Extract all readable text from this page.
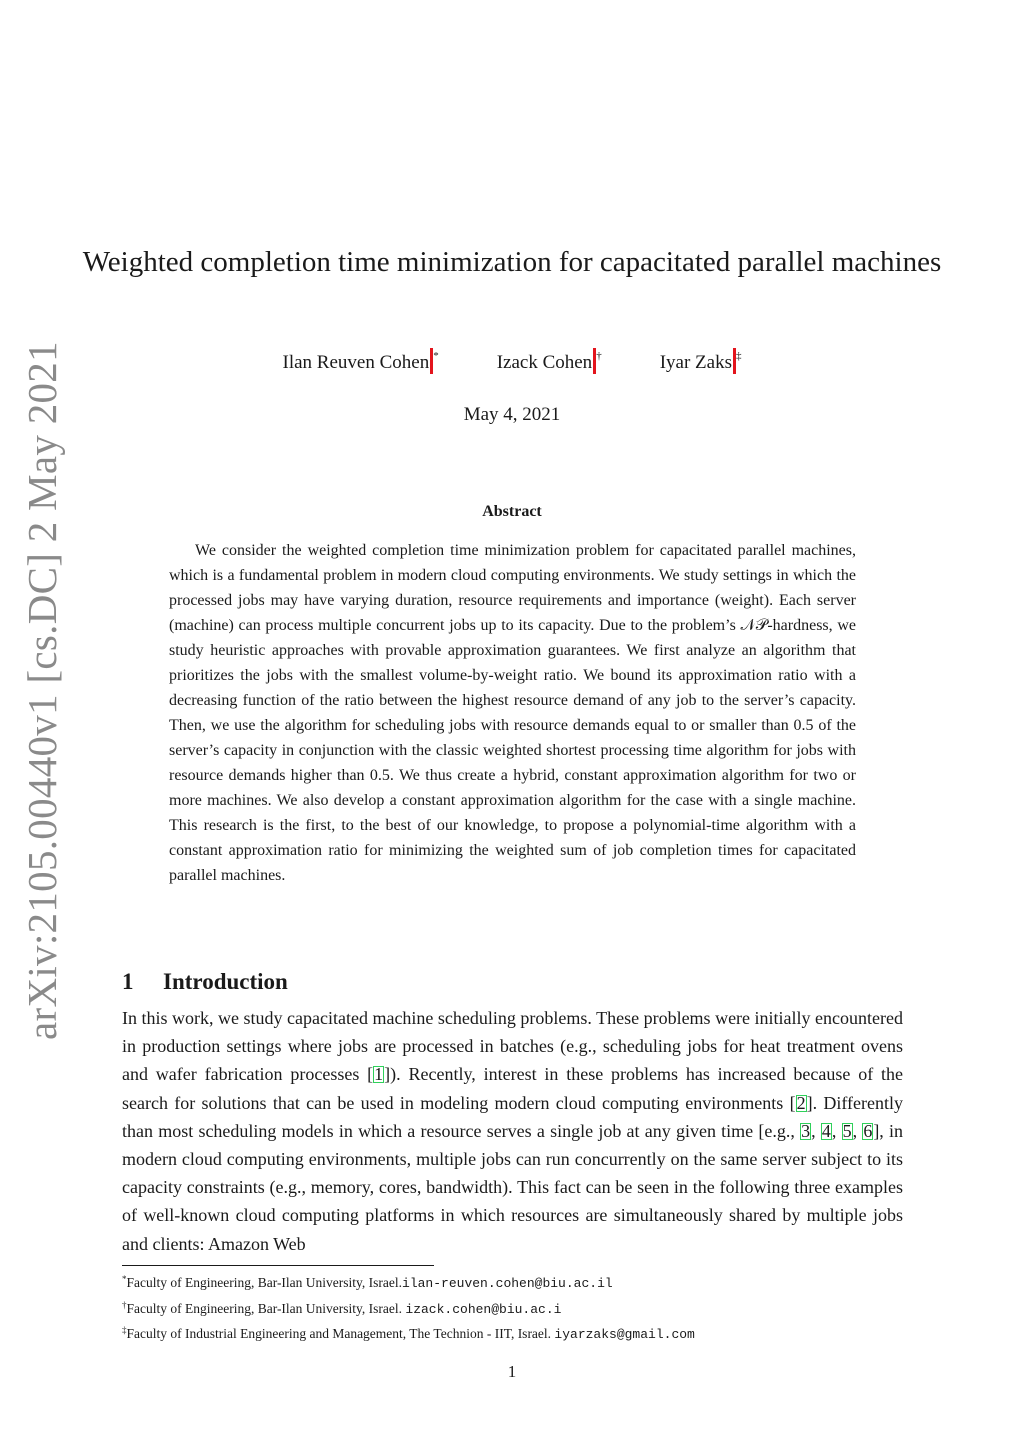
arXiv:2105.00440v1 [cs.DC] 2 May 2021
Weighted completion time minimization for capacitated parallel machines
Ilan Reuven Cohen *	Izack Cohen †	Iyar Zaks ‡
May 4, 2021
Abstract

We consider the weighted completion time minimization problem for capacitated parallel machines, which is a fundamental problem in modern cloud computing environments. We study settings in which the processed jobs may have varying duration, resource requirements and importance (weight). Each server (machine) can process multiple concurrent jobs up to its capacity. Due to the problem’s 𝒩𝒫-hardness, we study heuristic approaches with provable approximation guarantees. We first analyze an algorithm that prioritizes the jobs with the smallest volume-by-weight ratio. We bound its approximation ratio with a decreasing function of the ratio between the highest resource demand of any job to the server’s capacity. Then, we use the algorithm for scheduling jobs with resource demands equal to or smaller than 0.5 of the server’s capacity in conjunction with the classic weighted shortest processing time algorithm for jobs with resource demands higher than 0.5. We thus create a hybrid, constant approximation algorithm for two or more machines. We also develop a constant approximation algorithm for the case with a single machine. This research is the first, to the best of our knowledge, to propose a polynomial-time algorithm with a constant approximation ratio for minimizing the weighted sum of job completion times for capacitated parallel machines.

1 Introduction

In this work, we study capacitated machine scheduling problems. These problems were initially encountered in production settings where jobs are processed in batches (e.g., scheduling jobs for heat treatment ovens and wafer fabrication processes [1]). Recently, interest in these problems has increased because of the search for solutions that can be used in modeling modern cloud computing environments [2]. Differently than most scheduling models in which a resource serves a single job at any given time [e.g., 3, 4, 5, 6], in modern cloud computing environments, multiple jobs can run concurrently on the same server subject to its capacity constraints (e.g., memory, cores, bandwidth). This fact can be seen in the following three examples of well-known cloud computing platforms in which resources are simultaneously shared by multiple jobs and clients: Amazon Web

*Faculty of Engineering, Bar-Ilan University, Israel.ilan-reuven.cohen@biu.ac.il
†Faculty of Engineering, Bar-Ilan University, Israel. izack.cohen@biu.ac.i
‡Faculty of Industrial Engineering and Management, The Technion - IIT, Israel. iyarzaks@gmail.com
1
